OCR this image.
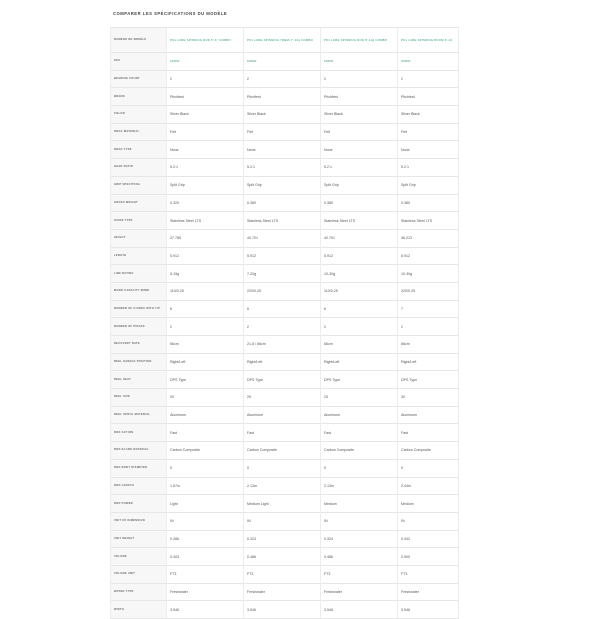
COMPARER LES SPÉCIFICATIONS DU MODÈLE
NUMÉRO DE MODÈLE	PK1 LURE SPINNING ROD 5'-6" COMBO	PK1 LURE SPINNING 7DEMI 7'-10g COMBO	PK1 LURE SPINNING ROD 8'-10g COMBO	PK1 LURE SPINNING BOOM 9'-10
SKU	160060	160060	160060	160060
BEARING COUNT	2	2	2	2
BRAND	Pitchfest	Pitchfest	Pitchfest	Pitchfest
COLOR	Silver Black	Silver Black	Silver Black	Silver Black
DRAG MATERIAL	Felt	Felt	Felt	Felt
DRAG TYPE	None	None	None	None
GEAR RATIO	5.2:1	5.2:1	5.2:1	5.2:1
GRIP SPECITFIEL	Split Grip	Split Grip	Split Grip	Split Grip
GROSS WEIGHT	0.320	0.380	0.380	0.380
GUIDE TYPE	Stainless Steel LTS	Stainless Steel LTS	Stainless Steel LTS	Stainless Steel LTS
HEIGHT	37.785	40.701	40.701	46.213
LENGTH	5.912	5.912	5.912	5.912
LINE RATING	5-15g	7-20g	10-30g	10-30g
MONO CAPACITY M/MM	110/0.25	220/0.25	110/0.25	220/0.25
NUMBER OF GUIDES WITH TIP	6	6	6	7
NUMBER OF PIECES	2	2	2	2
RECOVERY RATE	66cm	21.8 / 66cm	66cm	66cm
REEL HANDLE POSITION	Right/Left	Right/Left	Right/Left	Right/Left
REEL SEAT	DPS Type	DPS Type	DPS Type	DPS Type
REEL SIZE	20	25	25	30
REEL SPOOL MATERIAL	Aluminum	Aluminum	Aluminum	Aluminum
ROD ACTION	Fast	Fast	Fast	Fast
ROD BLANK MATERIAL	Carbon Composite	Carbon Composite	Carbon Composite	Carbon Composite
ROD BODY DIAMETER	0	0	0	0
ROD LENGTH	1.67m	2.13m	2.13m	2.44m
ROD POWER	Light	Medium Light	Medium	Medium
UNIT OF DIMENSION	IN	IN	IN	IN
UNIT WEIGHT	0.286	0.324	0.324	0.342
VOLUME	0.403	0.486	0.486	0.500
VOLUME UNIT	FT3	FT3	FT3	FT3
WATER TYPE	Freshwater	Freshwater	Freshwater	Freshwater
WIDTH	3.546	3.546	3.546	3.546
